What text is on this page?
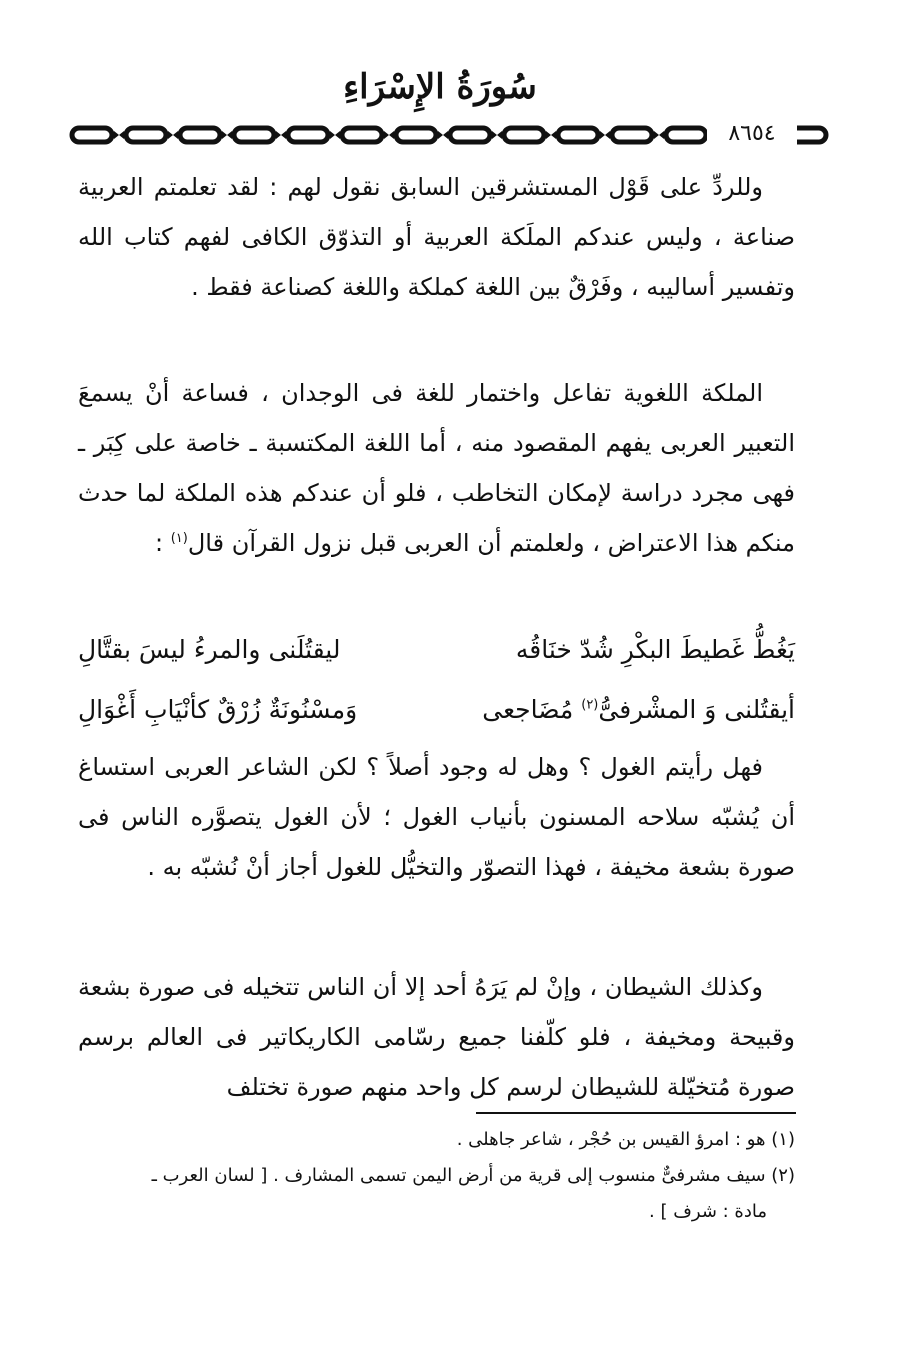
سُورَةُ الإِسْرَاءِ
٨٦٥٤
وللردِّ على قَوْل المستشرقين السابق نقول لهم : لقد تعلمتم العربية صناعة ، وليس عندكم الملَكة العربية أو التذوّق الكافى لفهم كتاب الله وتفسير أساليبه ، وفَرْقٌ بين اللغة كملكة واللغة كصناعة فقط .
الملكة اللغوية تفاعل واختمار للغة فى الوجدان ، فساعة أنْ يسمعَ التعبير العربى يفهم المقصود منه ، أما اللغة المكتسبة ـ خاصة على كِبَر ـ فهى مجرد دراسة لإمكان التخاطب ، فلو أن عندكم هذه الملكة لما حدث منكم هذا الاعتراض ، ولعلمتم أن العربى قبل نزول القرآن قال$^{(١)}$ :
يَغُطُّ غَطيطَ البكْرِ شُدّ خنَاقُه
ليقتُلَنى والمرءُ ليسَ بقتَّالِ
أيقتُلنى وَ المشْرفىُّ$^{(٢)}$ مُضَاجعى
وَمسْنُونَةٌ زُرْقٌ كأنْيَابِ أَغْوَالِ
فهل رأيتم الغول ؟ وهل له وجود أصلاً ؟ لكن الشاعر العربى استساغ أن يُشبّه سلاحه المسنون بأنياب الغول ؛ لأن الغول يتصوَّره الناس فى صورة بشعة مخيفة ، فهذا التصوّر والتخيُّل للغول أجاز أنْ نُشبّه به .
وكذلك الشيطان ، وإنْ لم يَرَهُ أحد إلا أن الناس تتخيله فى صورة بشعة وقبيحة ومخيفة ، فلو كلّفنا جميع رسّامى الكاريكاتير فى العالم برسم صورة مُتخيّلة للشيطان لرسم كل واحد منهم صورة تختلف
(١) هو : امرؤ القيس بن حُجْر ، شاعر جاهلى .
(٢) سيف مشرفىٌّ منسوب إلى قرية من أرض اليمن تسمى المشارف . [ لسان العرب ـ
مادة : شرف ] .
